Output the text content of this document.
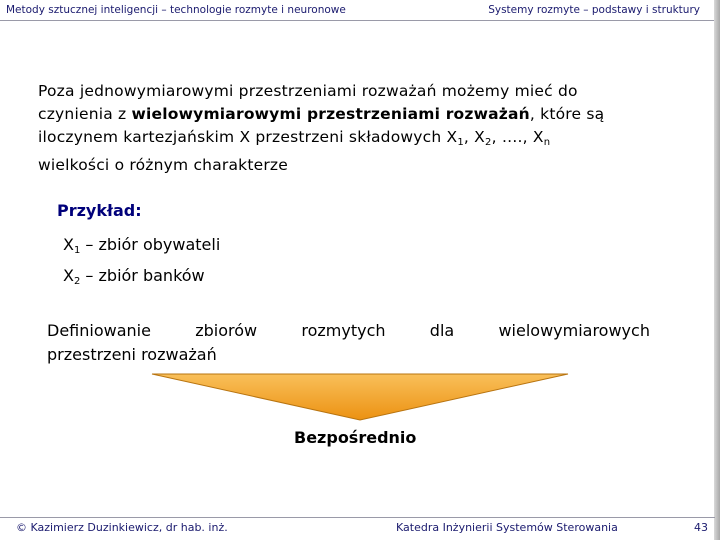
Metody sztucznej inteligencji – technologie rozmyte i neuronowe	Systemy rozmyte – podstawy i struktury
Poza jednowymiarowymi przestrzeniami rozważań możemy mieć do
czynienia z wielowymiarowymi przestrzeniami rozważań, które są
iloczynem kartezjańskim X przestrzeni składowych $X_1$, $X_2$, …., $X_n$
wielkości o różnym charakterze
Przykład:
$X_1$ – zbiór obywateli
$X_2$ – zbiór banków
Definiowanie	zbiorów	rozmytych	dla	wielowymiarowych
przestrzeni rozważań
Bezpośrednio
© Kazimierz Duzinkiewicz, dr hab. inż.	Katedra Inżynierii Systemów Sterowania	43
